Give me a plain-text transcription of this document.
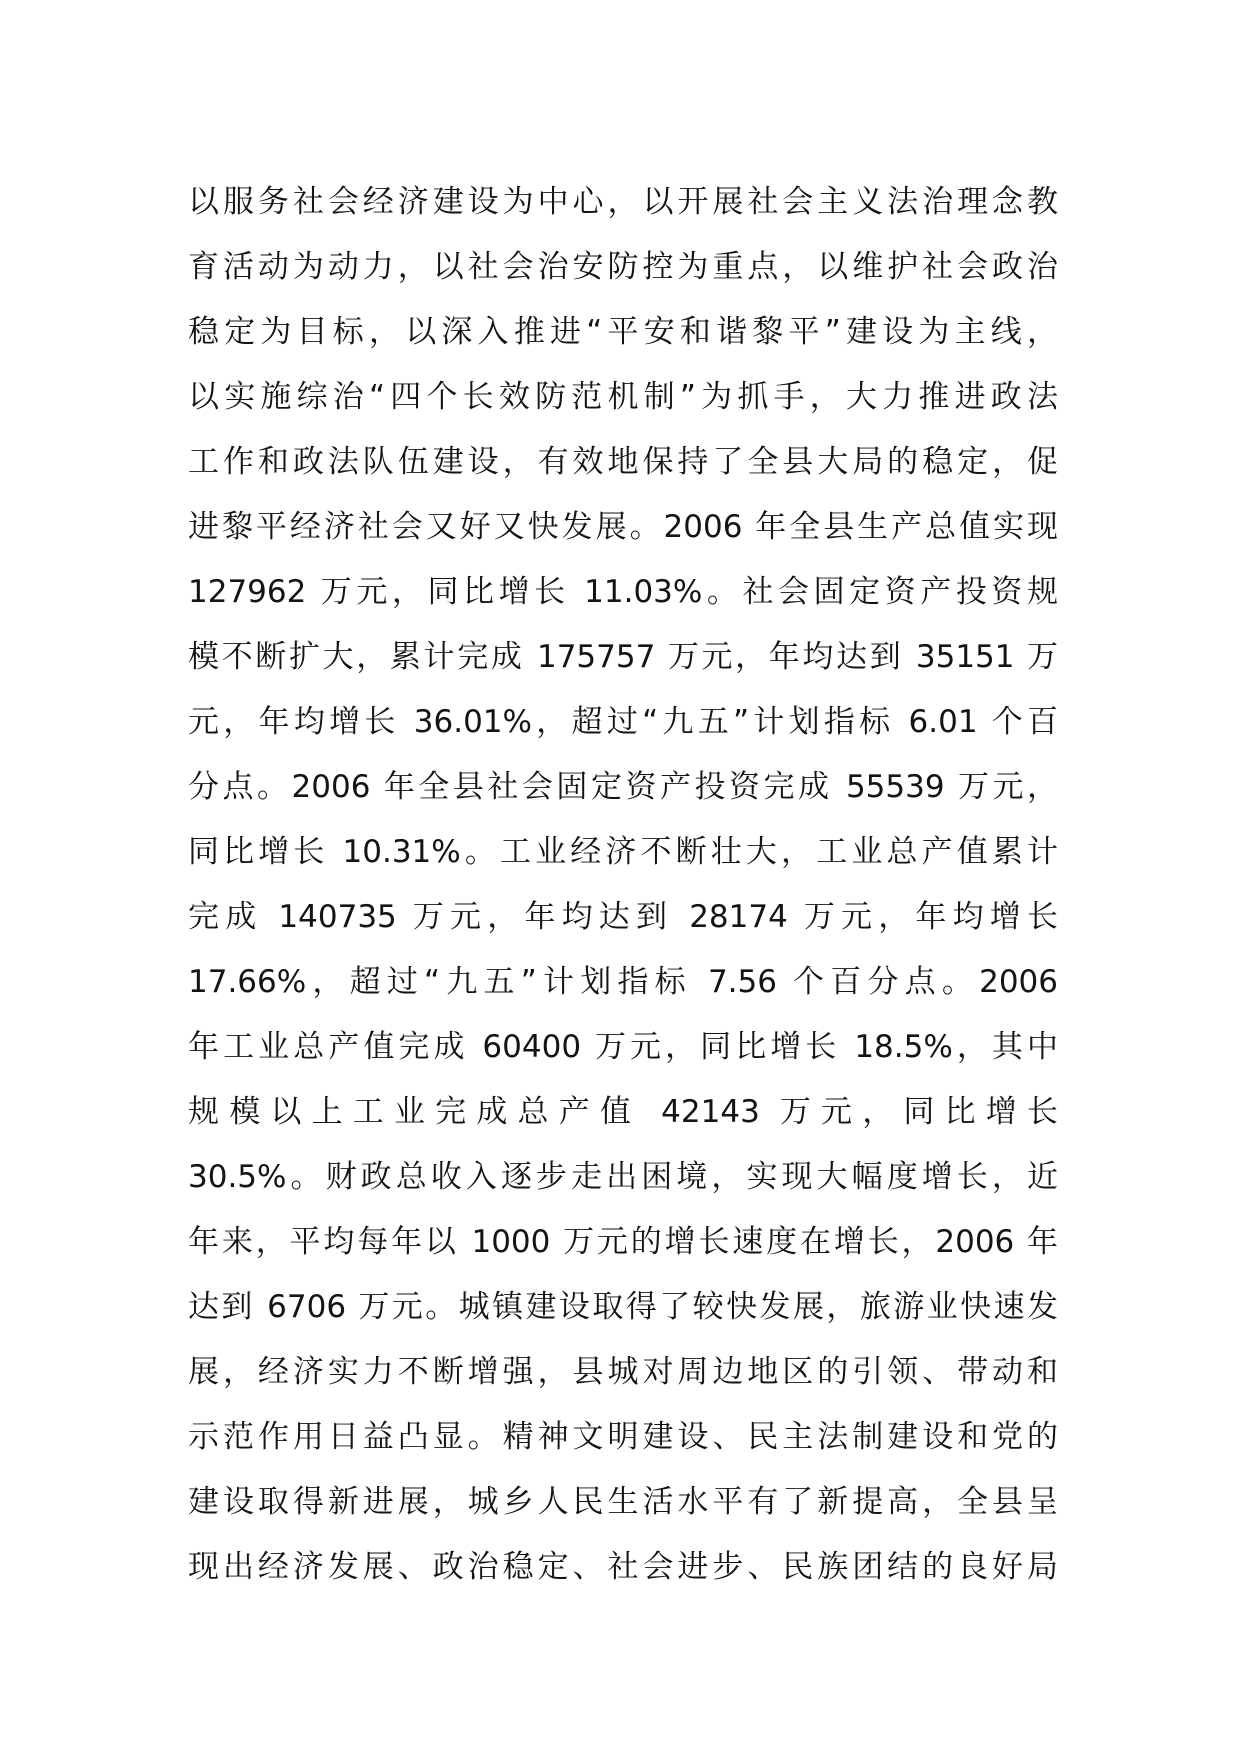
以服务社会经济建设为中心，以开展社会主义法治理念教
育活动为动力，以社会治安防控为重点，以维护社会政治
稳定为目标，以深入推进“平安和谐黎平”建设为主线，
以实施综治“四个长效防范机制”为抓手，大力推进政法
工作和政法队伍建设，有效地保持了全县大局的稳定，促
进黎平经济社会又好又快发展。2006 年全县生产总值实现
127962 万元，同比增长 11.03%。社会固定资产投资规
模不断扩大，累计完成 175757 万元，年均达到 35151 万
元，年均增长 36.01%，超过“九五”计划指标 6.01 个百
分点。2006 年全县社会固定资产投资完成 55539 万元，
同比增长 10.31%。工业经济不断壮大，工业总产值累计
完成 140735 万元，年均达到 28174 万元，年均增长
17.66%，超过“九五”计划指标 7.56 个百分点。2006
年工业总产值完成 60400 万元，同比增长 18.5%，其中
规模以上工业完成总产值 42143 万元，同比增长
30.5%。财政总收入逐步走出困境，实现大幅度增长，近
年来，平均每年以 1000 万元的增长速度在增长，2006 年
达到 6706 万元。城镇建设取得了较快发展，旅游业快速发
展，经济实力不断增强，县城对周边地区的引领、带动和
示范作用日益凸显。精神文明建设、民主法制建设和党的
建设取得新进展，城乡人民生活水平有了新提高，全县呈
现出经济发展、政治稳定、社会进步、民族团结的良好局
